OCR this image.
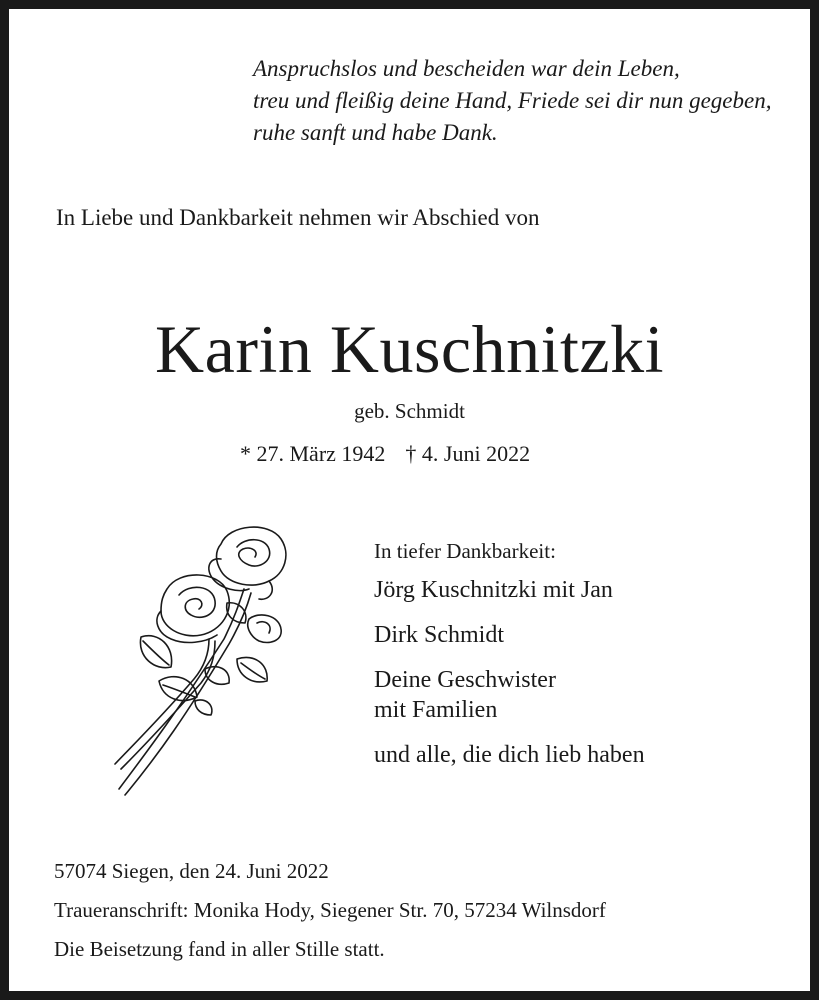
Anspruchslos und bescheiden war dein Leben,
treu und fleißig deine Hand, Friede sei dir nun gegeben,
ruhe sanft und habe Dank.
In Liebe und Dankbarkeit nehmen wir Abschied von
Karin Kuschnitzki
geb. Schmidt
* 27. März 1942 † 4. Juni 2022
In tiefer Dankbarkeit:
Jörg Kuschnitzki mit Jan
Dirk Schmidt
Deine Geschwister
mit Familien
und alle, die dich lieb haben
57074 Siegen, den 24. Juni 2022
Traueranschrift: Monika Hody, Siegener Str. 70, 57234 Wilnsdorf
Die Beisetzung fand in aller Stille statt.
